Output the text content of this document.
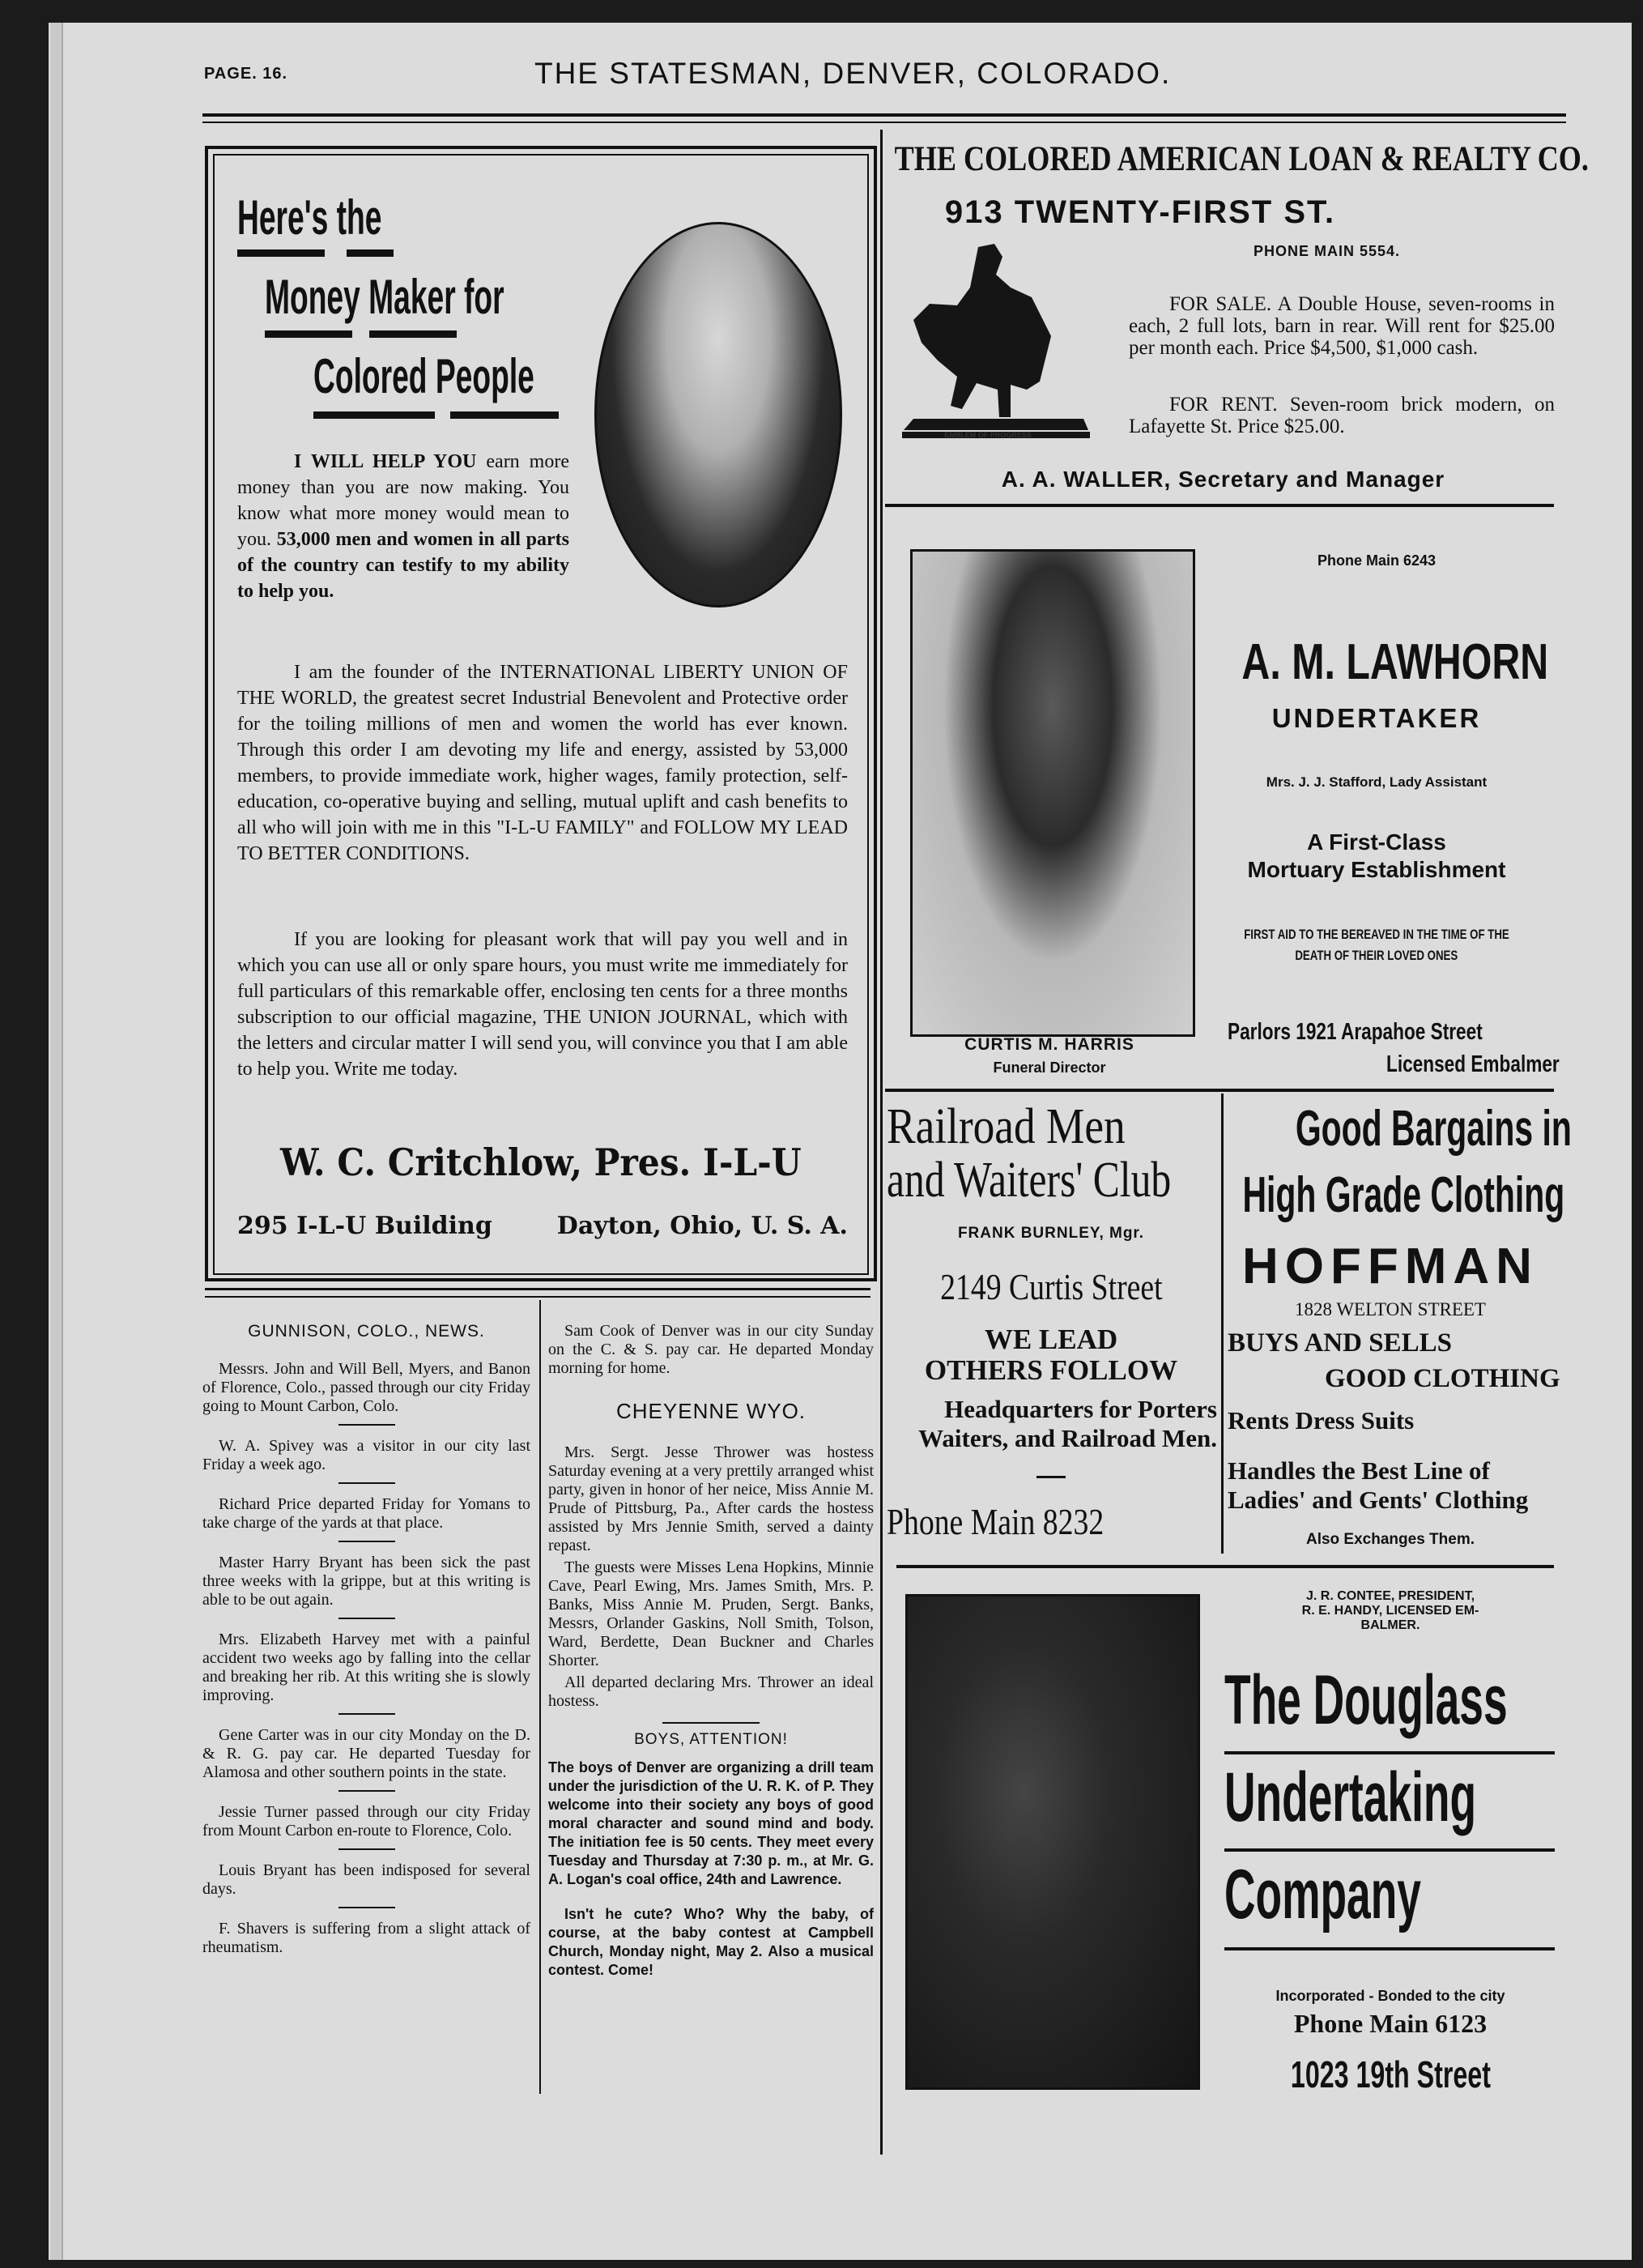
PAGE. 16.	THE STATESMAN, DENVER, COLORADO.
Here's the

Money Maker for

Colored People

I WILL HELP YOU earn more money than you are now making. You know what more money would mean to you. 53,000 men and women in all parts of the country can testify to my ability to help you.
I am the founder of the INTERNATIONAL LIBERTY UNION OF THE WORLD, the greatest secret Industrial Benevolent and Protective order for the toiling millions of men and women the world has ever known. Through this order I am devoting my life and energy, assisted by 53,000 members, to provide immediate work, higher wages, family protection, self-education, co-operative buying and selling, mutual uplift and cash benefits to all who will join with me in this "I-L-U FAMILY" and FOLLOW MY LEAD TO BETTER CONDITIONS.
If you are looking for pleasant work that will pay you well and in which you can use all or only spare hours, you must write me immediately for full particulars of this remarkable offer, enclosing ten cents for a three months subscription to our official magazine, THE UNION JOURNAL, which with the letters and circular matter I will send you, will convince you that I am able to help you. Write me today.
W. C. Critchlow, Pres. I-L-U
295 I-L-U Building	Dayton, Ohio, U. S. A.
GUNNISON, COLO., NEWS.

Messrs. John and Will Bell, Myers, and Banon of Florence, Colo., passed through our city Friday going to Mount Carbon, Colo.

W. A. Spivey was a visitor in our city last Friday a week ago.

Richard Price departed Friday for Yomans to take charge of the yards at that place.

Master Harry Bryant has been sick the past three weeks with la grippe, but at this writing is able to be out again.

Mrs. Elizabeth Harvey met with a painful accident two weeks ago by falling into the cellar and breaking her rib. At this writing she is slowly improving.

Gene Carter was in our city Monday on the D. & R. G. pay car. He departed Tuesday for Alamosa and other southern points in the state.

Jessie Turner passed through our city Friday from Mount Carbon en-route to Florence, Colo.

Louis Bryant has been indisposed for several days.

F. Shavers is suffering from a slight attack of rheumatism.

Sam Cook of Denver was in our city Sunday on the C. & S. pay car. He departed Monday morning for home.

CHEYENNE WYO.

Mrs. Sergt. Jesse Thrower was hostess Saturday evening at a very prettily arranged whist party, given in honor of her neice, Miss Annie M. Prude of Pittsburg, Pa., After cards the hostess assisted by Mrs Jennie Smith, served a dainty repast.

The guests were Misses Lena Hopkins, Minnie Cave, Pearl Ewing, Mrs. James Smith, Mrs. P. Banks, Miss Annie M. Pruden, Sergt. Banks, Messrs, Orlander Gaskins, Noll Smith, Tolson, Ward, Berdette, Dean Buckner and Charles Shorter.

All departed declaring Mrs. Thrower an ideal hostess.

BOYS, ATTENTION!

The boys of Denver are organizing a drill team under the jurisdiction of the U. R. K. of P. They welcome into their society any boys of good moral character and sound mind and body. The initiation fee is 50 cents. They meet every Tuesday and Thursday at 7:30 p. m., at Mr. G. A. Logan's coal office, 24th and Lawrence.

Isn't he cute? Who? Why the baby, of course, at the baby contest at Campbell Church, Monday night, May 2. Also a musical contest. Come!

THE COLORED AMERICAN LOAN & REALTY CO.
913 TWENTY-FIRST ST.
PHONE MAIN 5554.
EMBLEM OF PROGRESS
FOR SALE. A Double House, seven-rooms in each, 2 full lots, barn in rear. Will rent for $25.00 per month each. Price $4,500, $1,000 cash.
FOR RENT. Seven-room brick modern, on Lafayette St. Price $25.00.
A. A. WALLER, Secretary and Manager
CURTIS M. HARRIS
Funeral Director
Phone Main 6243
A. M. LAWHORN
UNDERTAKER
Mrs. J. J. Stafford, Lady Assistant
A First-Class
Mortuary Establishment
FIRST AID TO THE BEREAVED IN THE TIME OF THE
DEATH OF THEIR LOVED ONES
Parlors 1921 Arapahoe Street
Licensed Embalmer
Railroad Men
and Waiters' Club
FRANK BURNLEY, Mgr.
2149 Curtis Street
WE LEAD
OTHERS FOLLOW
Headquarters for Porters
Waiters, and Railroad Men.
Phone Main 8232
Good Bargains in
High Grade Clothing
HOFFMAN
1828 WELTON STREET
BUYS AND SELLS
GOOD CLOTHING
Rents Dress Suits
Handles the Best Line of
Ladies' and Gents' Clothing
Also Exchanges Them.
J. R. CONTEE, PRESIDENT,
R. E. HANDY, LICENSED EM-
BALMER.
The Douglass
Undertaking
Company
Incorporated - Bonded to the city
Phone Main 6123
1023 19th Street
